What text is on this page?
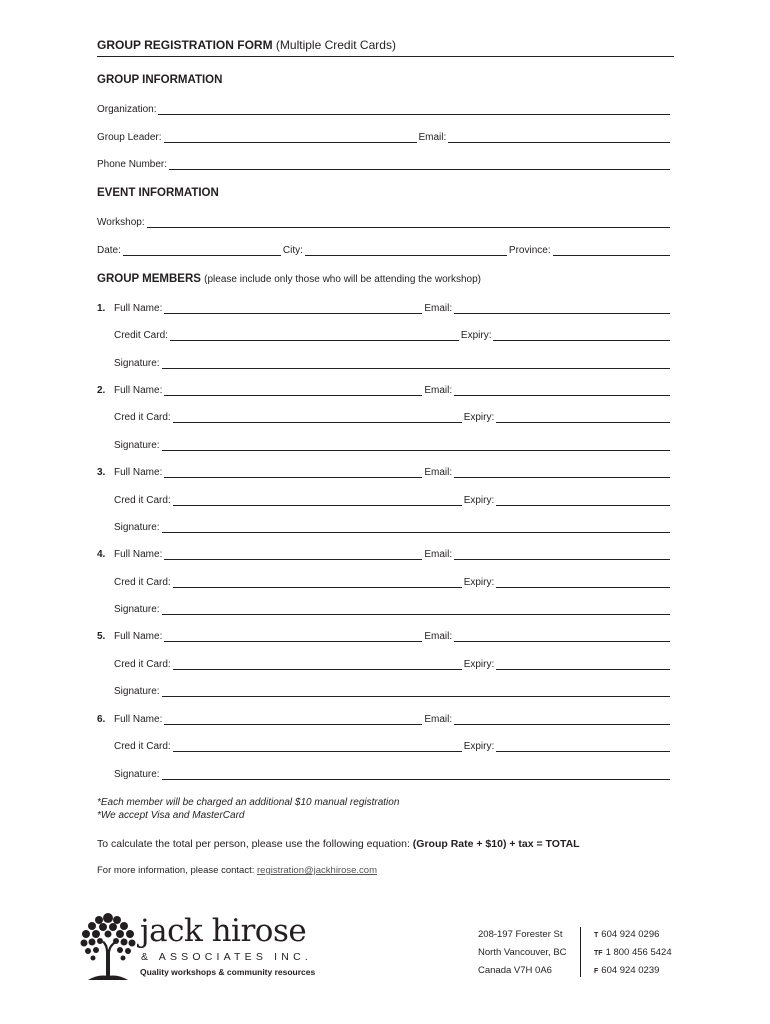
GROUP REGISTRATION FORM (Multiple Credit Cards)
GROUP INFORMATION
Organization:
Group Leader:	Email:
Phone Number:
EVENT INFORMATION
Workshop:
Date:	City:	Province:
GROUP MEMBERS (please include only those who will be attending the workshop)
1. Full Name:	Email:
Credit Card:	Expiry:
Signature:
2. Full Name:	Email:
Cred it Card:	Expiry:
Signature:
3. Full Name:	Email:
Cred it Card:	Expiry:
Signature:
4. Full Name:	Email:
Cred it Card:	Expiry:
Signature:
5. Full Name:	Email:
Cred it Card:	Expiry:
Signature:
6. Full Name:	Email:
Cred it Card:	Expiry:
Signature:
*Each member will be charged an additional $10 manual registration
*We accept Visa and MasterCard
To calculate the total per person, please use the following equation: (Group Rate + $10) + tax = TOTAL
For more information, please contact: registration@jackhirose.com
jack hirose
& ASSOCIATES INC.
Quality workshops & community resources
208-197 Forester St
North Vancouver, BC
Canada V7H 0A6
T 604 924 0296
TF 1 800 456 5424
F 604 924 0239
